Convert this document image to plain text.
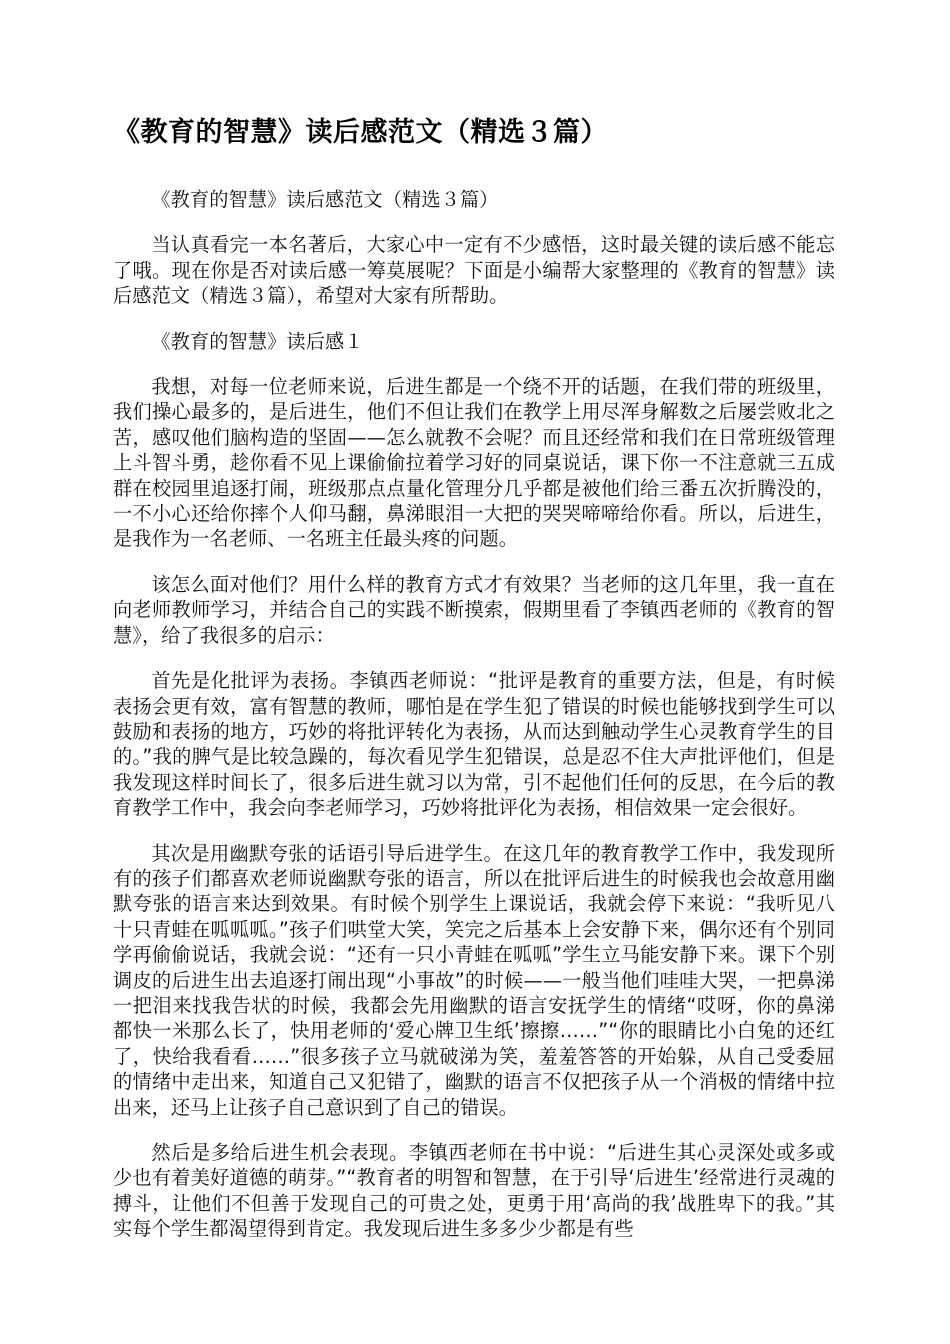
《教育的智慧》读后感范文（精选３篇）

《教育的智慧》读后感范文（精选３篇）

当认真看完一本名著后，大家心中一定有不少感悟，这时最关键的读后感不能忘了哦。现在你是否对读后感一筹莫展呢？下面是小编帮大家整理的《教育的智慧》读后感范文（精选３篇），希望对大家有所帮助。

《教育的智慧》读后感１

我想，对每一位老师来说，后进生都是一个绕不开的话题，在我们带的班级里，我们操心最多的，是后进生，他们不但让我们在教学上用尽浑身解数之后屡尝败北之苦，感叹他们脑构造的坚固——怎么就教不会呢？而且还经常和我们在日常班级管理上斗智斗勇，趁你看不见上课偷偷拉着学习好的同桌说话，课下你一不注意就三五成群在校园里追逐打闹，班级那点点量化管理分几乎都是被他们给三番五次折腾没的，一不小心还给你摔个人仰马翻，鼻涕眼泪一大把的哭哭啼啼给你看。所以，后进生，是我作为一名老师、一名班主任最头疼的问题。

该怎么面对他们？用什么样的教育方式才有效果？当老师的这几年里，我一直在向老师教师学习，并结合自己的实践不断摸索，假期里看了李镇西老师的《教育的智慧》，给了我很多的启示：

首先是化批评为表扬。李镇西老师说：“批评是教育的重要方法，但是，有时候表扬会更有效，富有智慧的教师，哪怕是在学生犯了错误的时候也能够找到学生可以鼓励和表扬的地方，巧妙的将批评转化为表扬，从而达到触动学生心灵教育学生的目的。”我的脾气是比较急躁的，每次看见学生犯错误，总是忍不住大声批评他们，但是我发现这样时间长了，很多后进生就习以为常，引不起他们任何的反思，在今后的教育教学工作中，我会向李老师学习，巧妙将批评化为表扬，相信效果一定会很好。

其次是用幽默夸张的话语引导后进学生。在这几年的教育教学工作中，我发现所有的孩子们都喜欢老师说幽默夸张的语言，所以在批评后进生的时候我也会故意用幽默夸张的语言来达到效果。有时候个别学生上课说话，我就会停下来说：“我听见八十只青蛙在呱呱呱。”孩子们哄堂大笑，笑完之后基本上会安静下来，偶尔还有个别同学再偷偷说话，我就会说：“还有一只小青蛙在呱呱”学生立马能安静下来。课下个别调皮的后进生出去追逐打闹出现“小事故”的时候——一般当他们哇哇大哭，一把鼻涕一把泪来找我告状的时候，我都会先用幽默的语言安抚学生的情绪“哎呀，你的鼻涕都快一米那么长了，快用老师的‘爱心牌卫生纸’擦擦……”“你的眼睛比小白兔的还红了，快给我看看……”很多孩子立马就破涕为笑，羞羞答答的开始躲，从自己受委屈的情绪中走出来，知道自己又犯错了，幽默的语言不仅把孩子从一个消极的情绪中拉出来，还马上让孩子自己意识到了自己的错误。

然后是多给后进生机会表现。李镇西老师在书中说：“后进生其心灵深处或多或少也有着美好道德的萌芽。”“教育者的明智和智慧，在于引导‘后进生’经常进行灵魂的搏斗，让他们不但善于发现自己的可贵之处，更勇于用‘高尚的我’战胜卑下的我。”其实每个学生都渴望得到肯定。我发现后进生多多少少都是有些
